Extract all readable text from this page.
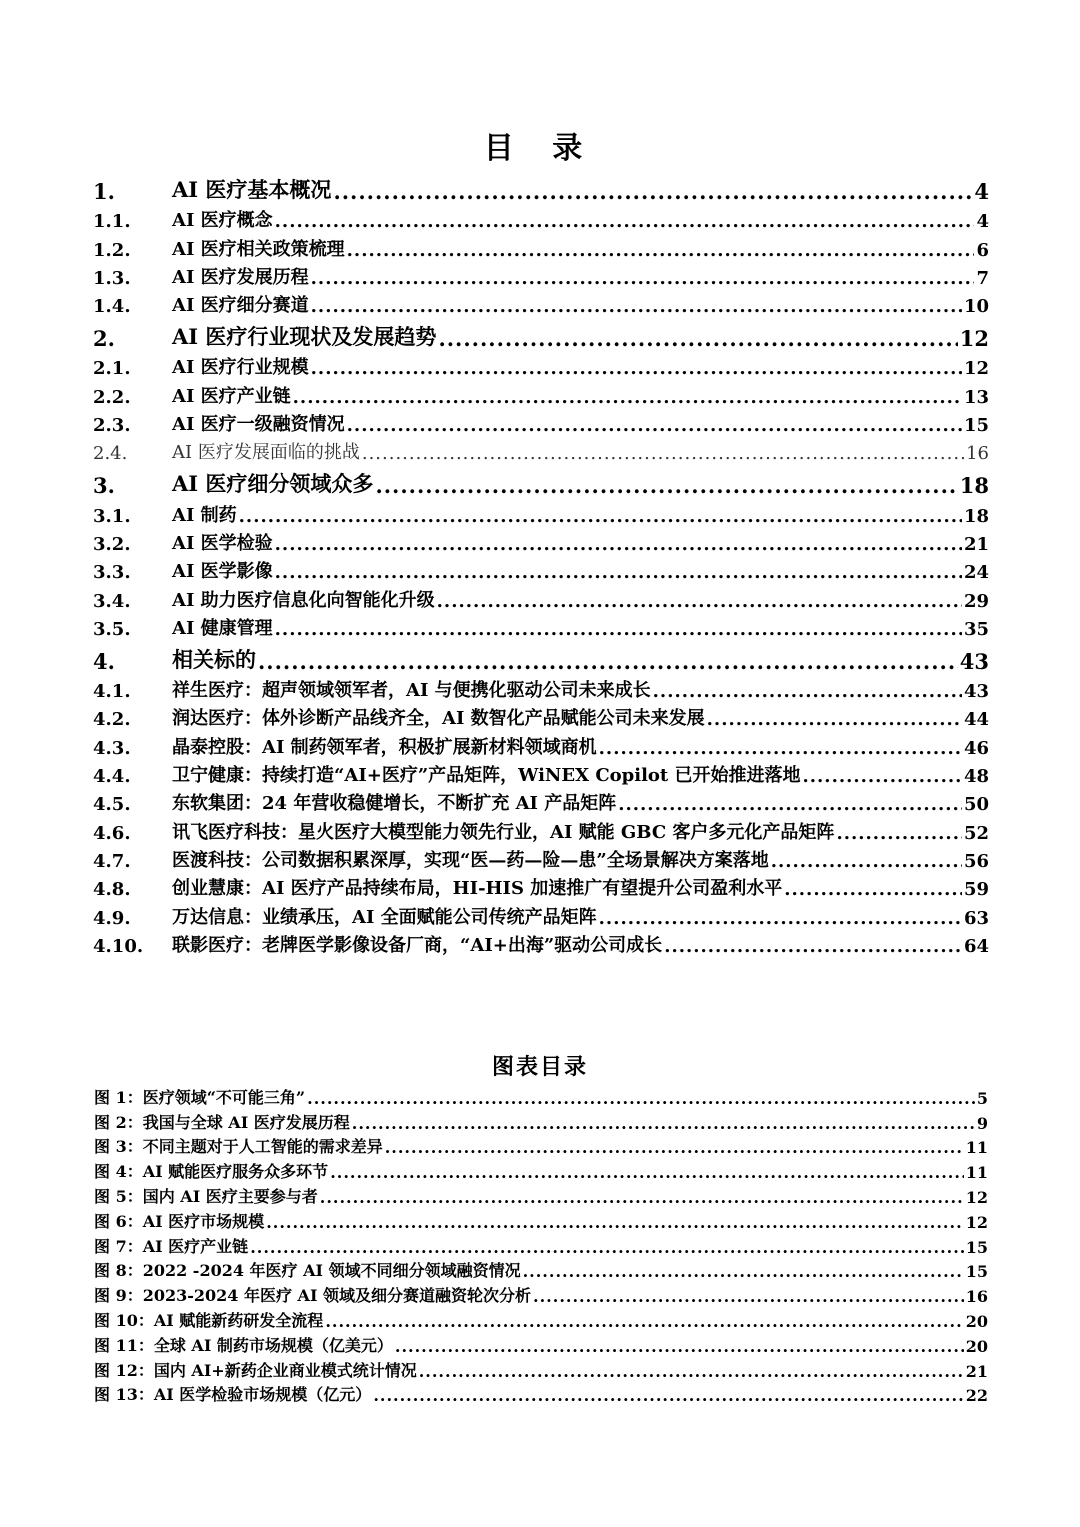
目 录
1.	AI 医疗基本概况 .....	4
1.1.	AI 医疗概念 .....	4
1.2.	AI 医疗相关政策梳理 .....	6
1.3.	AI 医疗发展历程 .....	7
1.4.	AI 医疗细分赛道 .....	10
2.	AI 医疗行业现状及发展趋势 .....	12
2.1.	AI 医疗行业规模 .....	12
2.2.	AI 医疗产业链 .....	13
2.3.	AI 医疗一级融资情况 .....	15
2.4.	AI 医疗发展面临的挑战 .....	16
3.	AI 医疗细分领域众多 .....	18
3.1.	AI 制药 .....	18
3.2.	AI 医学检验 .....	21
3.3.	AI 医学影像 .....	24
3.4.	AI 助力医疗信息化向智能化升级 .....	29
3.5.	AI 健康管理 .....	35
4.	相关标的 .....	43
4.1.	祥生医疗：超声领域领军者，AI 与便携化驱动公司未来成长 .....	43
4.2.	润达医疗：体外诊断产品线齐全，AI 数智化产品赋能公司未来发展 .....	44
4.3.	晶泰控股：AI 制药领军者，积极扩展新材料领域商机 .....	46
4.4.	卫宁健康：持续打造“AI+医疗”产品矩阵，WiNEX Copilot 已开始推进落地 .....	48
4.5.	东软集团：24 年营收稳健增长，不断扩充 AI 产品矩阵 .....	50
4.6.	讯飞医疗科技：星火医疗大模型能力领先行业，AI 赋能 GBC 客户多元化产品矩阵 .....	52
4.7.	医渡科技：公司数据积累深厚，实现“医—药—险—患”全场景解决方案落地 .....	56
4.8.	创业慧康：AI 医疗产品持续布局，HI-HIS 加速推广有望提升公司盈利水平 .....	59
4.9.	万达信息：业绩承压，AI 全面赋能公司传统产品矩阵 .....	63
4.10.	联影医疗：老牌医学影像设备厂商，“AI+出海”驱动公司成长 .....	64
图表目录
图 1：医疗领域“不可能三角” .....	5
图 2：我国与全球 AI 医疗发展历程 .....	9
图 3：不同主题对于人工智能的需求差异 .....	11
图 4：AI 赋能医疗服务众多环节 .....	11
图 5：国内 AI 医疗主要参与者 .....	12
图 6：AI 医疗市场规模 .....	12
图 7：AI 医疗产业链 .....	15
图 8：2022 -2024 年医疗 AI 领域不同细分领域融资情况 .....	15
图 9：2023-2024 年医疗 AI 领域及细分赛道融资轮次分析 .....	16
图 10：AI 赋能新药研发全流程 .....	20
图 11：全球 AI 制药市场规模（亿美元） .....	20
图 12：国内 AI+新药企业商业模式统计情况 .....	21
图 13：AI 医学检验市场规模（亿元） .....	22
